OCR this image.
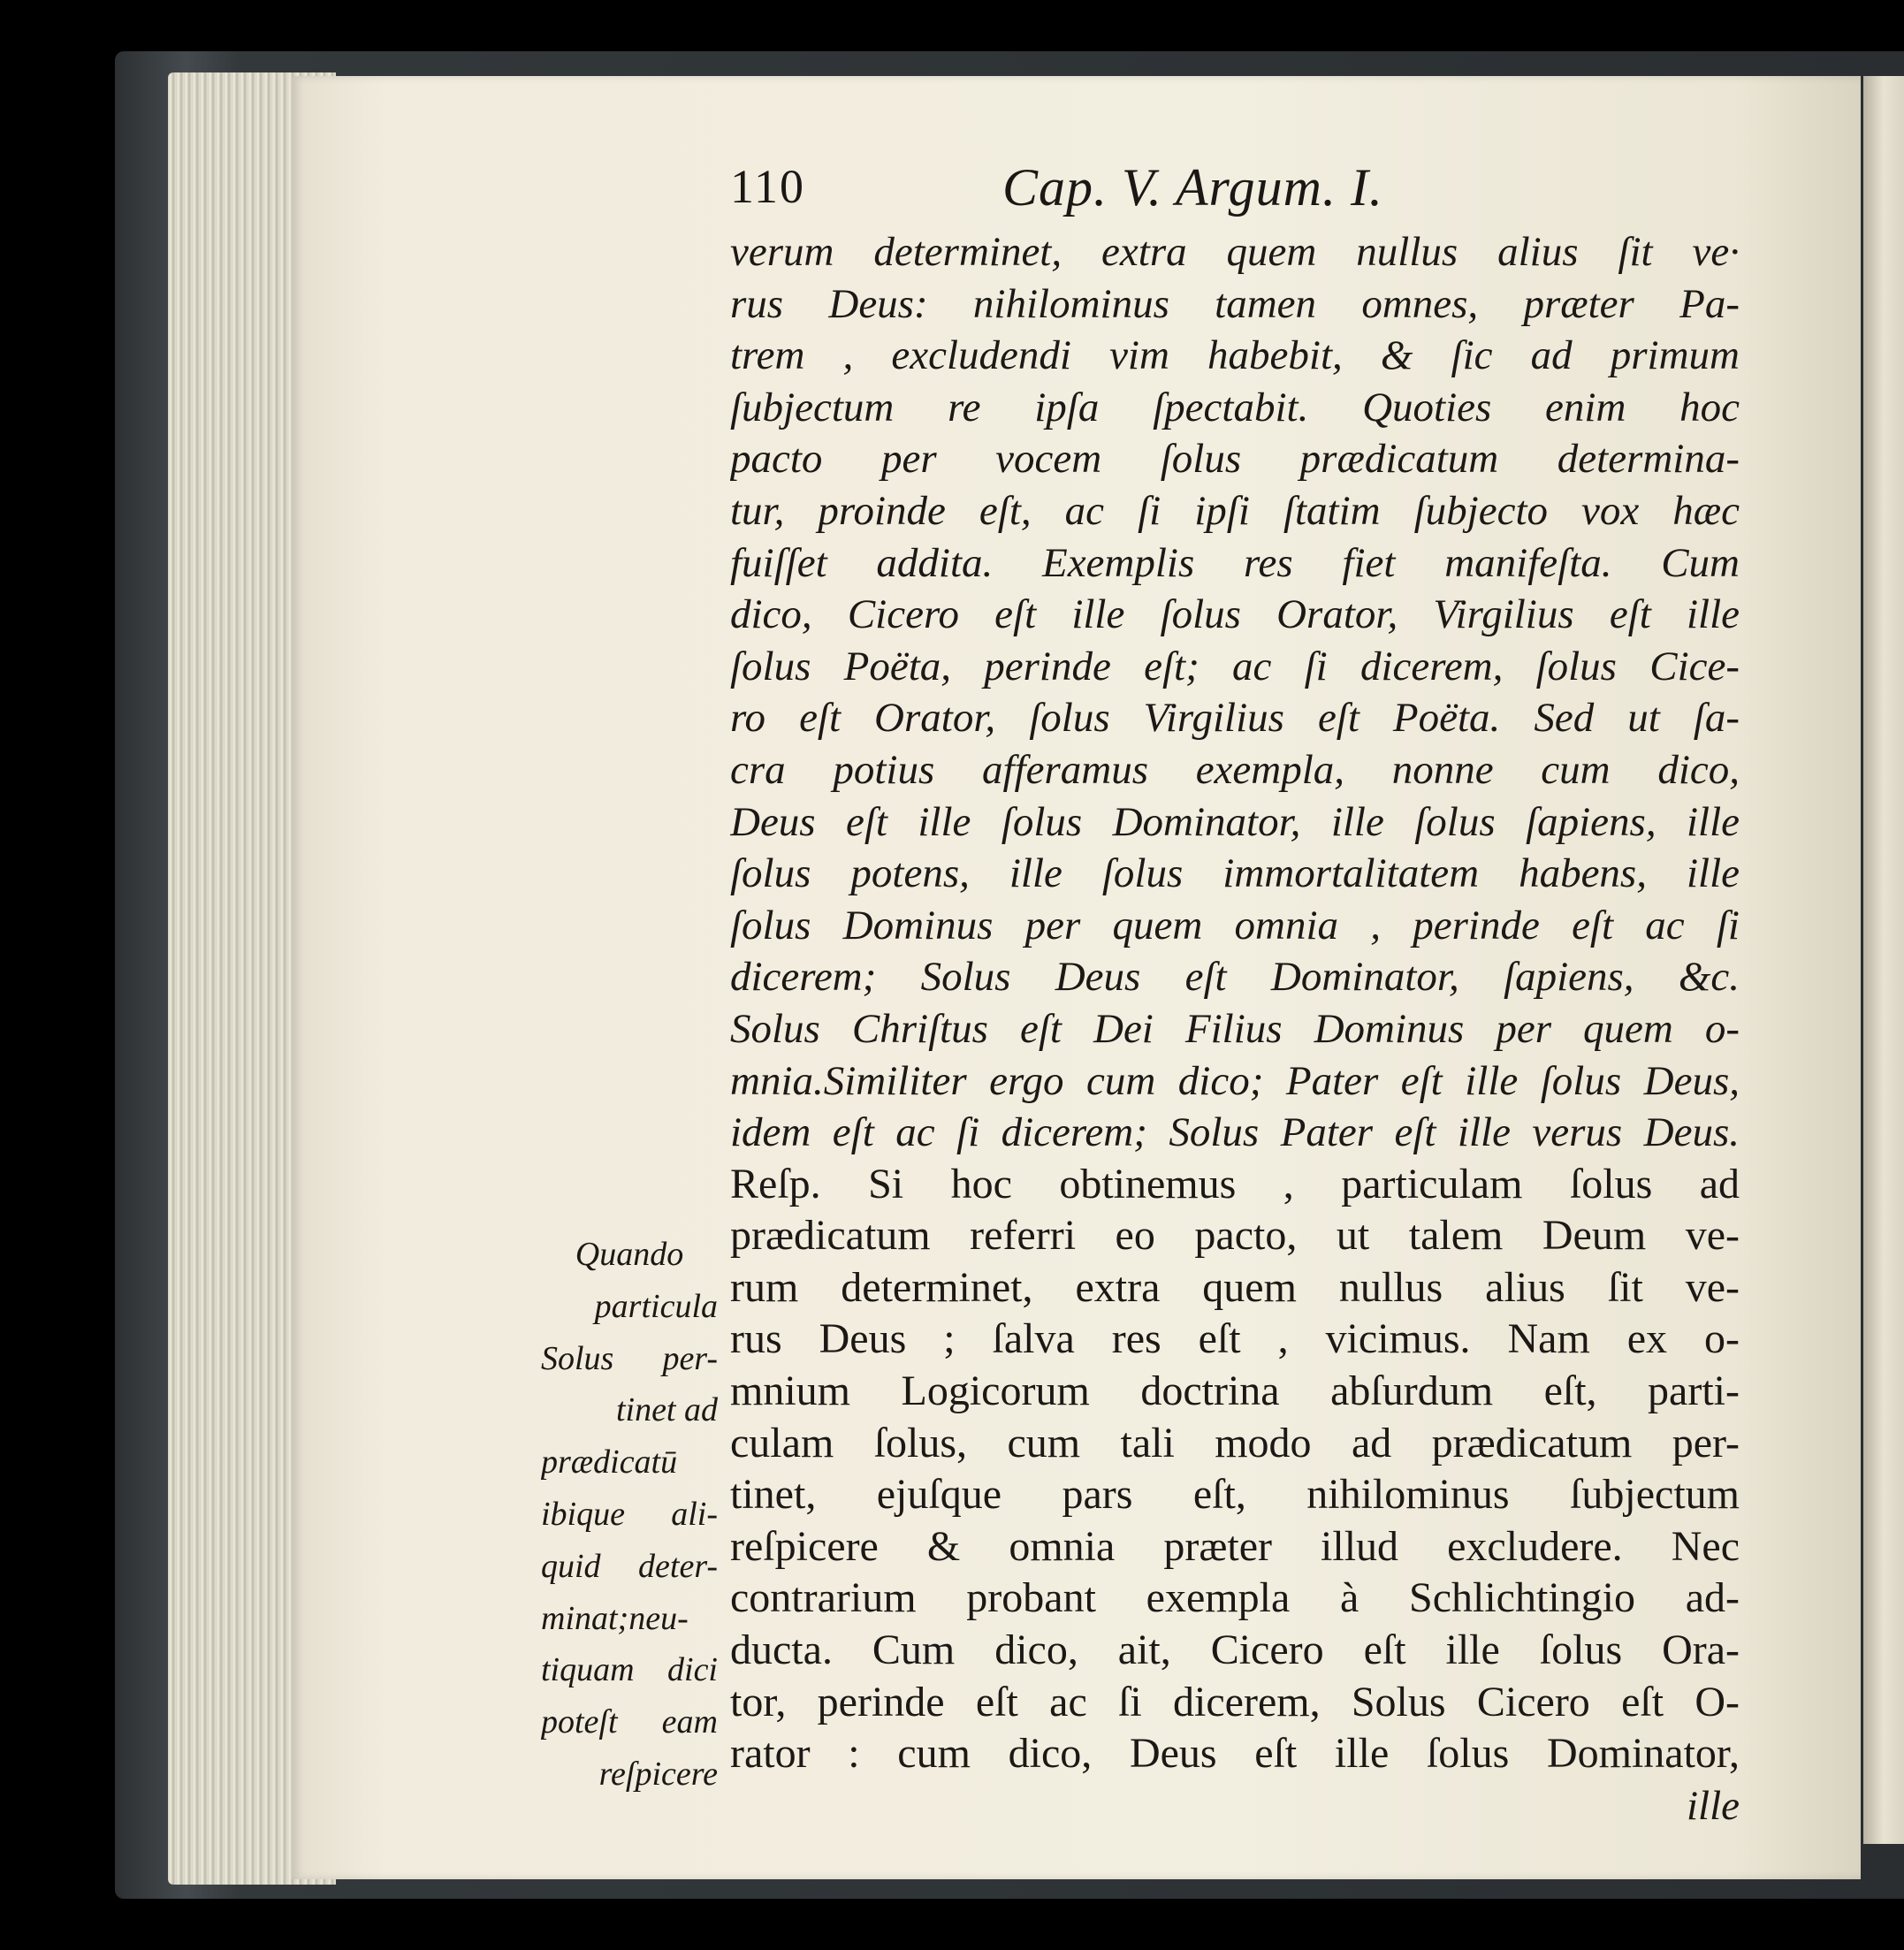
110	Cap. V. Argum. I.
verum determinet, extra quem nullus alius ſit ve·
rus Deus: nihilominus tamen omnes, præter Pa-
trem , excludendi vim habebit, & ſic ad primum
ſubjectum re ipſa ſpectabit. Quoties enim hoc
pacto per vocem ſolus prædicatum determina-
tur, proinde eſt, ac ſi ipſi ſtatim ſubjecto vox hæc
fuiſſet addita. Exemplis res fiet manifeſta. Cum
dico, Cicero eſt ille ſolus Orator, Virgilius eſt ille
ſolus Poëta, perinde eſt; ac ſi dicerem, ſolus Cice-
ro eſt Orator, ſolus Virgilius eſt Poëta. Sed ut ſa-
cra potius afferamus exempla, nonne cum dico,
Deus eſt ille ſolus Dominator, ille ſolus ſapiens, ille
ſolus potens, ille ſolus immortalitatem habens, ille
ſolus Dominus per quem omnia , perinde eſt ac ſi
dicerem; Solus Deus eſt Dominator, ſapiens, &c.
Solus Chriſtus eſt Dei Filius Dominus per quem o-
mnia.Similiter ergo cum dico; Pater eſt ille ſolus Deus,
idem eſt ac ſi dicerem; Solus Pater eſt ille verus Deus.
Reſp. Si hoc obtinemus , particulam ſolus ad
prædicatum referri eo pacto, ut talem Deum ve-
rum determinet, extra quem nullus alius ſit ve-
rus Deus ; ſalva res eſt , vicimus. Nam ex o-
mnium Logicorum doctrina abſurdum eſt, parti-
culam ſolus, cum tali modo ad prædicatum per-
tinet, ejuſque pars eſt, nihilominus ſubjectum
reſpicere & omnia præter illud excludere. Nec
contrarium probant exempla à Schlichtingio ad-
ducta. Cum dico, ait, Cicero eſt ille ſolus Ora-
tor, perinde eſt ac ſi dicerem, Solus Cicero eſt O-
rator : cum dico, Deus eſt ille ſolus Dominator,
ille
Quando
particula
Solus per-
tinet ad
prædicatū
ibique ali-
quid deter-
minat;neu-
tiquam dici
poteſt eam
reſpicere
